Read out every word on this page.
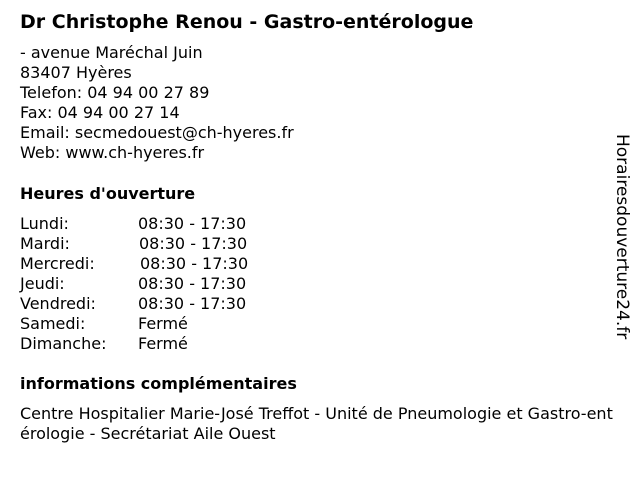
Dr Christophe Renou - Gastro-entérologue
- avenue Maréchal Juin
83407 Hyères
Telefon: 04 94 00 27 89
Fax: 04 94 00 27 14
Email: secmedouest@ch-hyeres.fr
Web: www.ch-hyeres.fr
Heures d'ouverture
Lundi:	08:30 - 17:30
Mardi:	08:30 - 17:30
Mercredi:	08:30 - 17:30
Jeudi:	08:30 - 17:30
Vendredi:	08:30 - 17:30
Samedi:	Fermé
Dimanche: Fermé
informations complémentaires
Centre Hospitalier Marie-José Treffot - Unité de Pneumologie et Gastro-entérologie - Secrétariat Aile Ouest
Horairesdouverture24.fr
